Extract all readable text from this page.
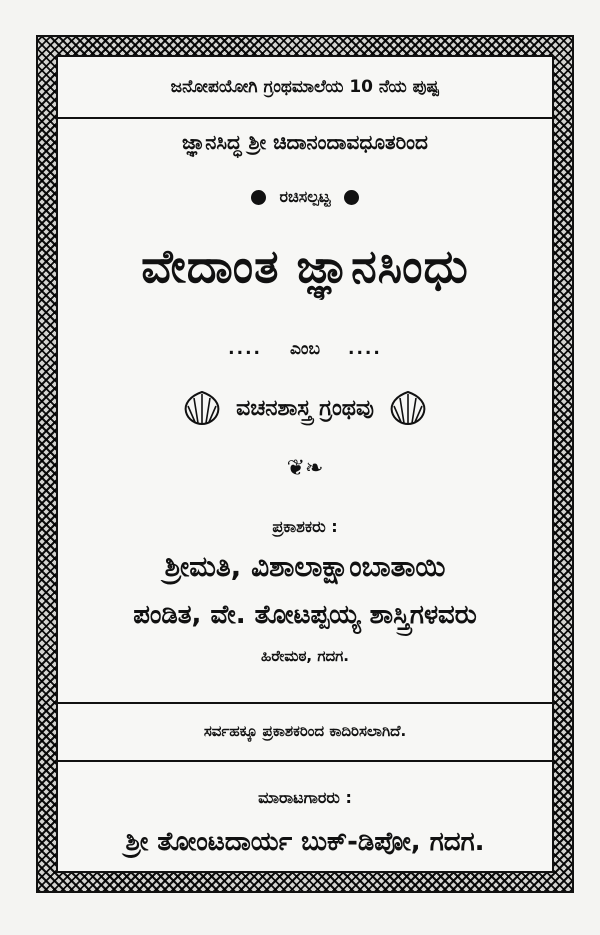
ಜನೋಪಯೋಗಿ ಗ್ರಂಥಮಾಲೆಯ 10 ನೆಯ ಪುಷ್ಪ
ಜ್ಞಾನಸಿದ್ಧ ಶ್ರೀ ಚಿದಾನಂದಾವಧೂತರಿಂದ
ರಚಿಸಲ್ಪಟ್ಟ
ವೇದಾಂತ ಜ್ಞಾನಸಿಂಧು
.... ಎಂಬ ....
ವಚನಶಾಸ್ತ್ರ ಗ್ರಂಥವು
❦❧
ಪ್ರಕಾಶಕರು :
ಶ್ರೀಮತಿ, ವಿಶಾಲಾಕ್ಷಾಂಬಾತಾಯಿ
ಪಂಡಿತ, ವೇ. ತೋಟಪ್ಪಯ್ಯ ಶಾಸ್ತ್ರಿಗಳವರು
ಹಿರೇಮಠ, ಗದಗ.
ಸರ್ವಹಕ್ಕೂ ಪ್ರಕಾಶಕರಿಂದ ಕಾದಿರಿಸಲಾಗಿದೆ.
ಮಾರಾಟಗಾರರು :
ಶ್ರೀ ತೋಂಟದಾರ್ಯ ಬುಕ್-ಡಿಪೋ, ಗದಗ.
